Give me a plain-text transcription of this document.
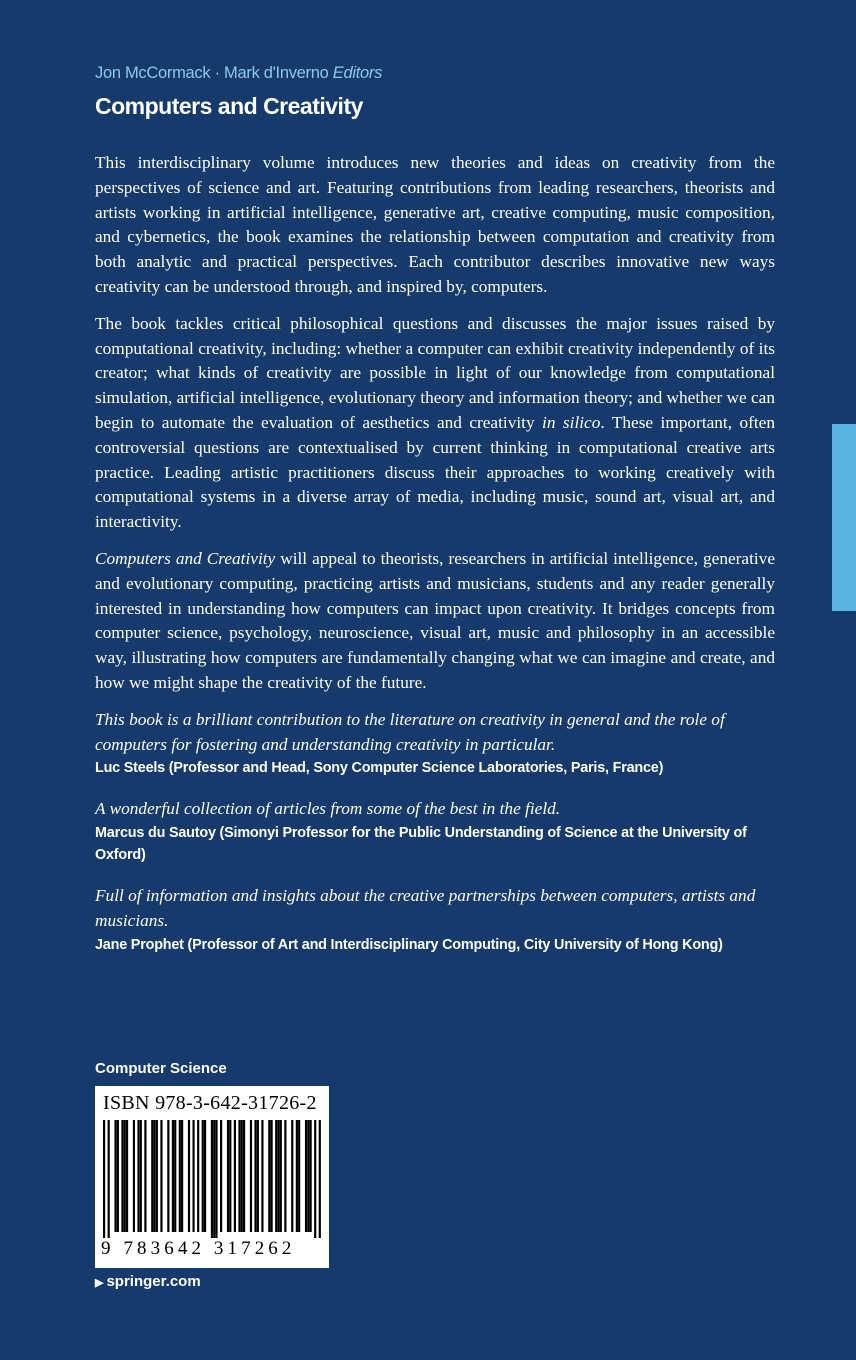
Jon McCormack · Mark d'Inverno Editors
Computers and Creativity

This interdisciplinary volume introduces new theories and ideas on creativity from the perspectives of science and art. Featuring contributions from leading researchers, theorists and artists working in artificial intelligence, generative art, creative computing, music composition, and cybernetics, the book examines the relationship between computation and creativity from both analytic and practical perspectives. Each contributor describes innovative new ways creativity can be understood through, and inspired by, computers.

The book tackles critical philosophical questions and discusses the major issues raised by computational creativity, including: whether a computer can exhibit creativity independently of its creator; what kinds of creativity are possible in light of our knowledge from computational simulation, artificial intelligence, evolutionary theory and information theory; and whether we can begin to automate the evaluation of aesthetics and creativity in silico. These important, often controversial questions are contextualised by current thinking in computational creative arts practice. Leading artistic practitioners discuss their approaches to working creatively with computational systems in a diverse array of media, including music, sound art, visual art, and interactivity.

Computers and Creativity will appeal to theorists, researchers in artificial intelligence, generative and evolutionary computing, practicing artists and musicians, students and any reader generally interested in understanding how computers can impact upon creativity. It bridges concepts from computer science, psychology, neuroscience, visual art, music and philosophy in an accessible way, illustrating how computers are fundamentally changing what we can imagine and create, and how we might shape the creativity of the future.

This book is a brilliant contribution to the literature on creativity in general and the role of computers for fostering and understanding creativity in particular.

Luc Steels (Professor and Head, Sony Computer Science Laboratories, Paris, France)

A wonderful collection of articles from some of the best in the field.

Marcus du Sautoy (Simonyi Professor for the Public Understanding of Science at the University of Oxford)

Full of information and insights about the creative partnerships between computers, artists and musicians.

Jane Prophet (Professor of Art and Interdisciplinary Computing, City University of Hong Kong)
Computer Science
ISBN 978-3-642-31726-2
9 783642 317262
▶ springer.com
